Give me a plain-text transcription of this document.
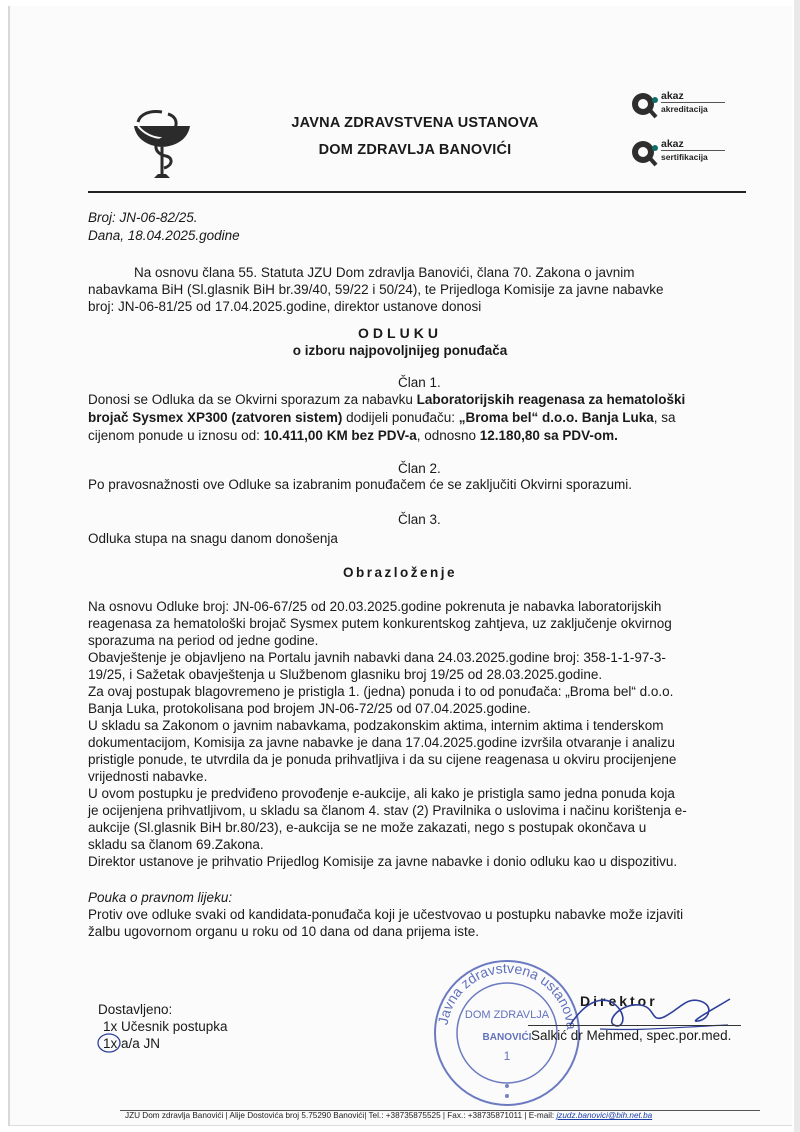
JAVNA ZDRAVSTVENA USTANOVA
DOM ZDRAVLJA BANOVIĆI
akaz
akreditacija
akaz
sertifikacija
Broj: JN-06-82/25.
Dana, 18.04.2025.godine
Na osnovu člana 55. Statuta JZU Dom zdravlja Banovići, člana 70. Zakona o javnim
nabavkama BiH (Sl.glasnik BiH br.39/40, 59/22 i 50/24), te Prijedloga Komisije za javne nabavke
broj: JN-06-81/25 od 17.04.2025.godine, direktor ustanove donosi
ODLUKU
o izboru najpovoljnijeg ponuđača
Član 1.
Donosi se Odluka da se Okvirni sporazum za nabavku Laboratorijskih reagenasa za hematološki
brojač Sysmex XP300 (zatvoren sistem) dodijeli ponuđaču: „Broma bel“ d.o.o. Banja Luka, sa
cijenom ponude u iznosu od: 10.411,00 KM bez PDV-a, odnosno 12.180,80 sa PDV-om.
Član 2.
Po pravosnažnosti ove Odluke sa izabranim ponuđačem će se zaključiti Okvirni sporazumi.
Član 3.
Odluka stupa na snagu danom donošenja
Obrazloženje
Na osnovu Odluke broj: JN-06-67/25 od 20.03.2025.godine pokrenuta je nabavka laboratorijskih
reagenasa za hematološki brojač Sysmex putem konkurentskog zahtjeva, uz zaključenje okvirnog
sporazuma na period od jedne godine.
Obavještenje je objavljeno na Portalu javnih nabavki dana 24.03.2025.godine broj: 358-1-1-97-3-
19/25, i Sažetak obavještenja u Službenom glasniku broj 19/25 od 28.03.2025.godine.
Za ovaj postupak blagovremeno je pristigla 1. (jedna) ponuda i to od ponuđača: „Broma bel“ d.o.o.
Banja Luka, protokolisana pod brojem JN-06-72/25 od 07.04.2025.godine.
U skladu sa Zakonom o javnim nabavkama, podzakonskim aktima, internim aktima i tenderskom
dokumentacijom, Komisija za javne nabavke je dana 17.04.2025.godine izvršila otvaranje i analizu
pristigle ponude, te utvrdila da je ponuda prihvatljiva i da su cijene reagenasa u okviru procijenjene
vrijednosti nabavke.
U ovom postupku je predviđeno provođenje e-aukcije, ali kako je pristigla samo jedna ponuda koja
je ocijenjena prihvatljivom, u skladu sa članom 4. stav (2) Pravilnika o uslovima i načinu korištenja e-
aukcije (Sl.glasnik BiH br.80/23), e-aukcija se ne može zakazati, nego s postupak okončava u
skladu sa članom 69.Zakona.
Direktor ustanove je prihvatio Prijedlog Komisije za javne nabavke i donio odluku kao u dispozitivu.
Pouka o pravnom lijeku:
Protiv ove odluke svaki od kandidata-ponuđača koji je učestvovao u postupku nabavke može izjaviti
žalbu ugovornom organu u roku od 10 dana od dana prijema iste.
Dostavljeno:
1x Učesnik postupka
1x a/a JN
Javna zdravstvena ustanova
DOM ZDRAVLJA
BANOVIĆI
1
Direktor
Salkić dr Mehmed, spec.por.med.
JZU Dom zdravlja Banovići | Alije Dostovića broj 5.75290 Banovići| Tel.: +38735875525 | Fax.: +38735871011 | E-mail: jzudz.banovici@bih.net.ba
